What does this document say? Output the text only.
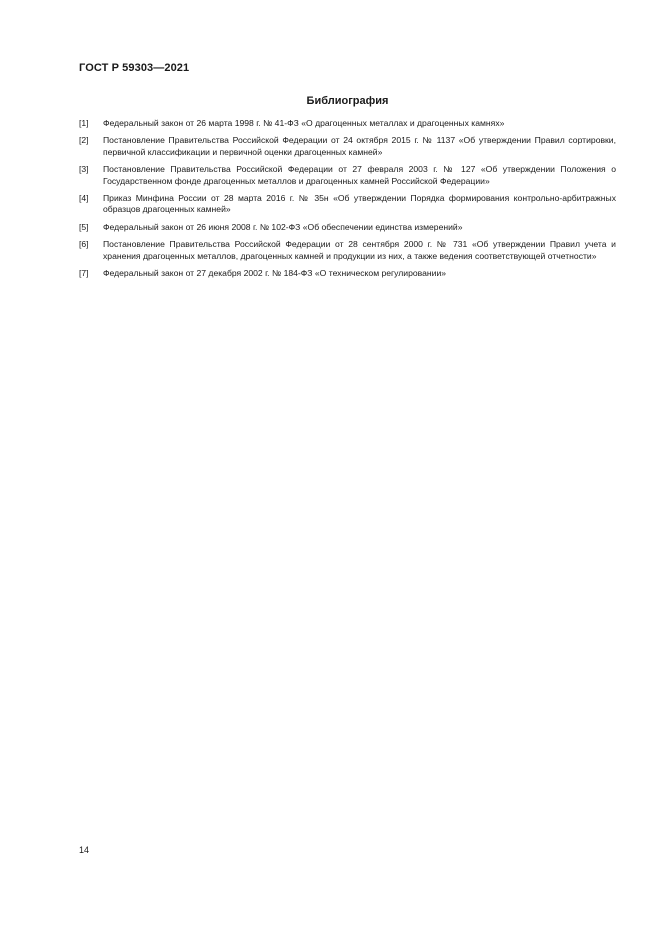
ГОСТ Р 59303—2021
Библиография
[1]	Федеральный закон от 26 марта 1998 г. № 41-ФЗ «О драгоценных металлах и драгоценных камнях»
[2]	Постановление Правительства Российской Федерации от 24 октября 2015 г. № 1137 «Об утверждении Правил сортировки, первичной классификации и первичной оценки драгоценных камней»
[3]	Постановление Правительства Российской Федерации от 27 февраля 2003 г. № 127 «Об утверждении Положения о Государственном фонде драгоценных металлов и драгоценных камней Российской Федерации»
[4]	Приказ Минфина России от 28 марта 2016 г. № 35н «Об утверждении Порядка формирования контрольно-арбитражных образцов драгоценных камней»
[5]	Федеральный закон от 26 июня 2008 г. № 102-ФЗ «Об обеспечении единства измерений»
[6]	Постановление Правительства Российской Федерации от 28 сентября 2000 г. № 731 «Об утверждении Правил учета и хранения драгоценных металлов, драгоценных камней и продукции из них, а также ведения соответствующей отчетности»
[7]	Федеральный закон от 27 декабря 2002 г. № 184-ФЗ «О техническом регулировании»
14
